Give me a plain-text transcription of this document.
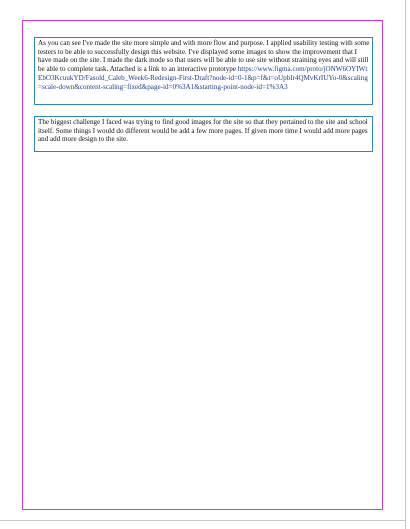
As you can see I've made the site more simple and with more flow and purpose. I applied usability testing with some testers to be able to successfully design this website. I've displayed some images to show the improvement that I have made on the site. I made the dark mode so that users will be able to use site without straining eyes and will still be able to complete task. Attached is a link to an interactive prototype https://www.figma.com/proto/jONW6OYIWtEbO3KcuukYD/Fasold_Caleb_Week6-Redesign-First-Draft?node-id=0-1&p=f&t=oUpbIr4QMvKrIUYo-0&scaling=scale-down&content-scaling=fixed&page-id=0%3A1&starting-point-node-id=1%3A3
The biggest challenge I faced was trying to find good images for the site so that they pertained to the site and school itself. Some things I would do different would be add a few more pages. If given more time I would add more pages and add more design to the site.
